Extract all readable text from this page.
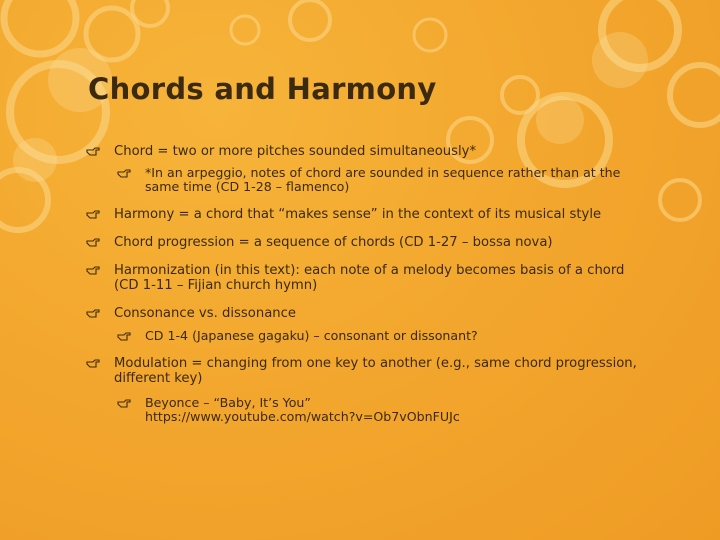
Chords and Harmony
Chord = two or more pitches sounded simultaneously*
*In an arpeggio, notes of chord are sounded in sequence rather than at the same time (CD 1-28 – flamenco)
Harmony = a chord that “makes sense” in the context of its musical style
Chord progression = a sequence of chords (CD 1-27 – bossa nova)
Harmonization (in this text): each note of a melody becomes basis of a chord (CD 1-11 – Fijian church hymn)
Consonance vs. dissonance
CD 1-4 (Japanese gagaku) – consonant or dissonant?
Modulation = changing from one key to another (e.g., same chord progression, different key)
Beyonce – “Baby, It’s You”
https://www.youtube.com/watch?v=Ob7vObnFUJc
